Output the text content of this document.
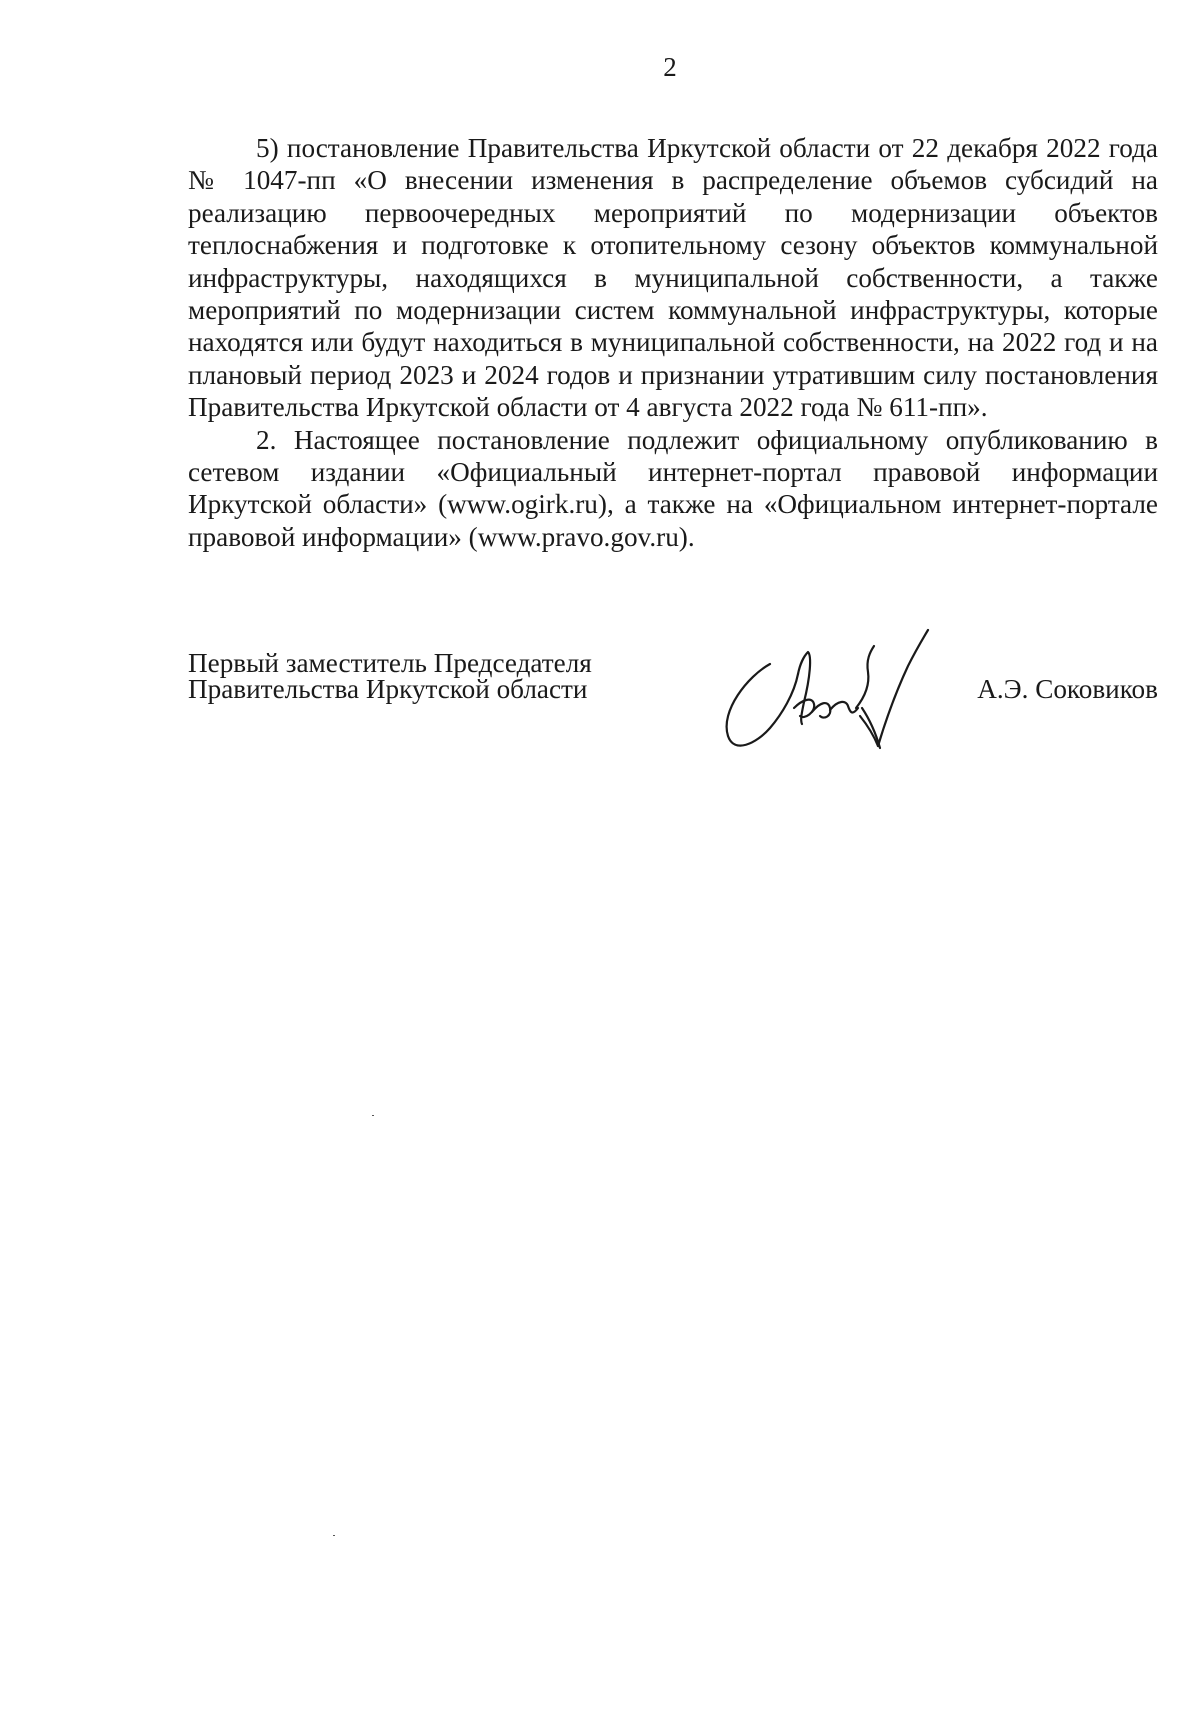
2

5) постановление Правительства Иркутской области от 22 декабря 2022 года № 1047-пп «О внесении изменения в распределение объемов субсидий на реализацию первоочередных мероприятий по модернизации объектов теплоснабжения и подготовке к отопительному сезону объектов коммунальной инфраструктуры, находящихся в муниципальной собственности, а также мероприятий по модернизации систем коммунальной инфраструктуры, которые находятся или будут находиться в муниципальной собственности, на 2022 год и на плановый период 2023 и 2024 годов и признании утратившим силу постановления Правительства Иркутской области от 4 августа 2022 года № 611-пп».

2. Настоящее постановление подлежит официальному опубликованию в сетевом издании «Официальный интернет-портал правовой информации Иркутской области» (www.ogirk.ru), а также на «Официальном интернет-портале правовой информации» (www.pravo.gov.ru).

Первый заместитель Председателя
Правительства Иркутской области	А.Э. Соковиков
